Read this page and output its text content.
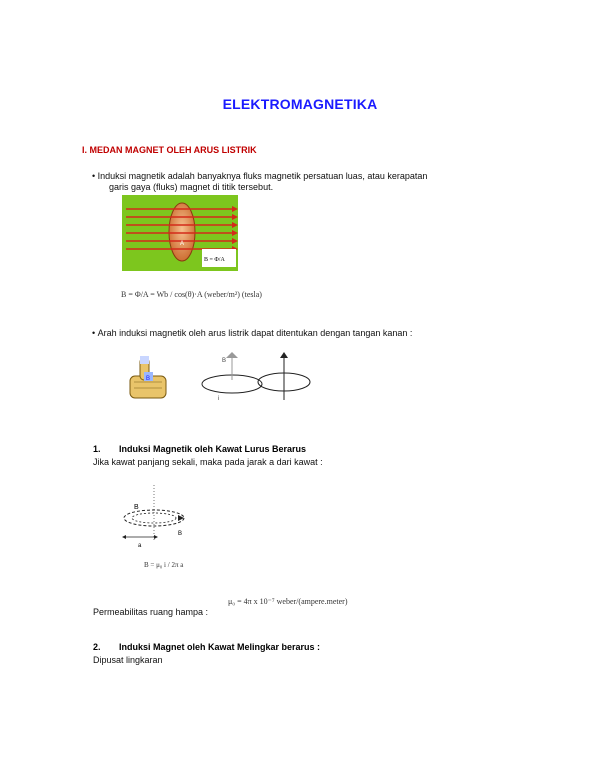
ELEKTROMAGNETIKA
I. MEDAN MAGNET OLEH ARUS LISTRIK
• Induksi magnetik adalah banyaknya fluks magnetik persatuan luas, atau kerapatan
garis gaya (fluks) magnet di titik tersebut.
A
B = Φ/A
B = Φ/A = Wb / cos(θ)·A (weber/m²) (tesla)
• Arah induksi magnetik oleh arus listrik dapat ditentukan dengan tangan kanan :
B
B
i
1. Induksi Magnetik oleh Kawat Lurus Berarus
Jika kawat panjang sekali, maka pada jarak a dari kawat :
B
B
a
B = μ₀ i / 2π a
Permeabilitas ruang hampa :
μ₀ = 4π x 10⁻⁷ weber/(ampere.meter)
2. Induksi Magnet oleh Kawat Melingkar berarus :
Dipusat lingkaran
